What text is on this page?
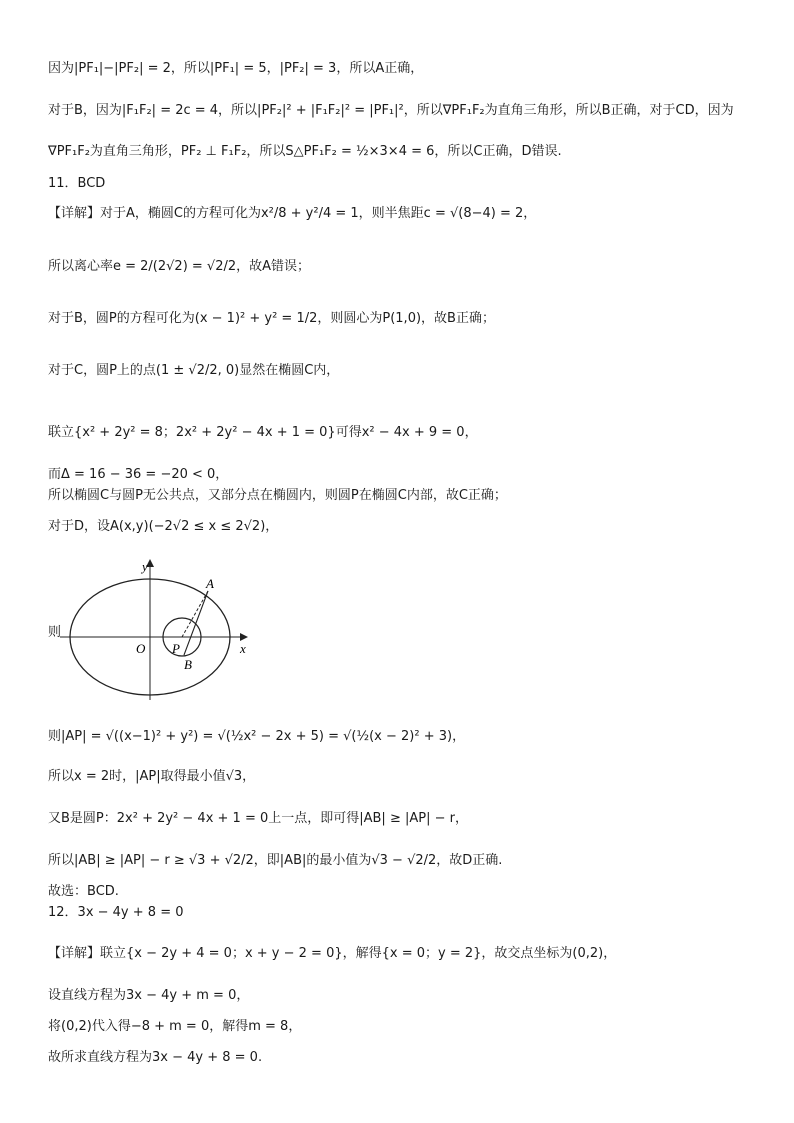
因为|PF₁|−|PF₂| = 2，所以|PF₁| = 5，|PF₂| = 3，所以A正确，
对于B，因为|F₁F₂| = 2c = 4，所以|PF₂|² + |F₁F₂|² = |PF₁|²，所以∇PF₁F₂为直角三角形，所以B正确，对于CD，因为
∇PF₁F₂为直角三角形，PF₂ ⊥ F₁F₂，所以S△PF₁F₂ = ½×3×4 = 6，所以C正确，D错误.
11．BCD
【详解】对于A，椭圆C的方程可化为x²/8 + y²/4 = 1，则半焦距c = √(8−4) = 2，
所以离心率e = 2/(2√2) = √2/2，故A错误；
对于B，圆P的方程可化为(x − 1)² + y² = 1/2，则圆心为P(1,0)，故B正确；
对于C，圆P上的点(1 ± √2/2, 0)显然在椭圆C内，
联立{x² + 2y² = 8；2x² + 2y² − 4x + 1 = 0}可得x² − 4x + 9 = 0，
而Δ = 16 − 36 = −20 < 0，
所以椭圆C与圆P无公共点，又部分点在椭圆内，则圆P在椭圆C内部，故C正确；
对于D，设A(x,y)(−2√2 ≤ x ≤ 2√2)，
则
y
x
O P
A
B
则|AP| = √((x−1)² + y²) = √(½x² − 2x + 5) = √(½(x − 2)² + 3)，
所以x = 2时，|AP|取得最小值√3，
又B是圆P：2x² + 2y² − 4x + 1 = 0上一点，即可得|AB| ≥ |AP| − r，
所以|AB| ≥ |AP| − r ≥ √3 + √2/2，即|AB|的最小值为√3 − √2/2，故D正确.
故选：BCD.
12．3x − 4y + 8 = 0
【详解】联立{x − 2y + 4 = 0；x + y − 2 = 0}，解得{x = 0；y = 2}，故交点坐标为(0,2)，
设直线方程为3x − 4y + m = 0，
将(0,2)代入得−8 + m = 0，解得m = 8，
故所求直线方程为3x − 4y + 8 = 0.
